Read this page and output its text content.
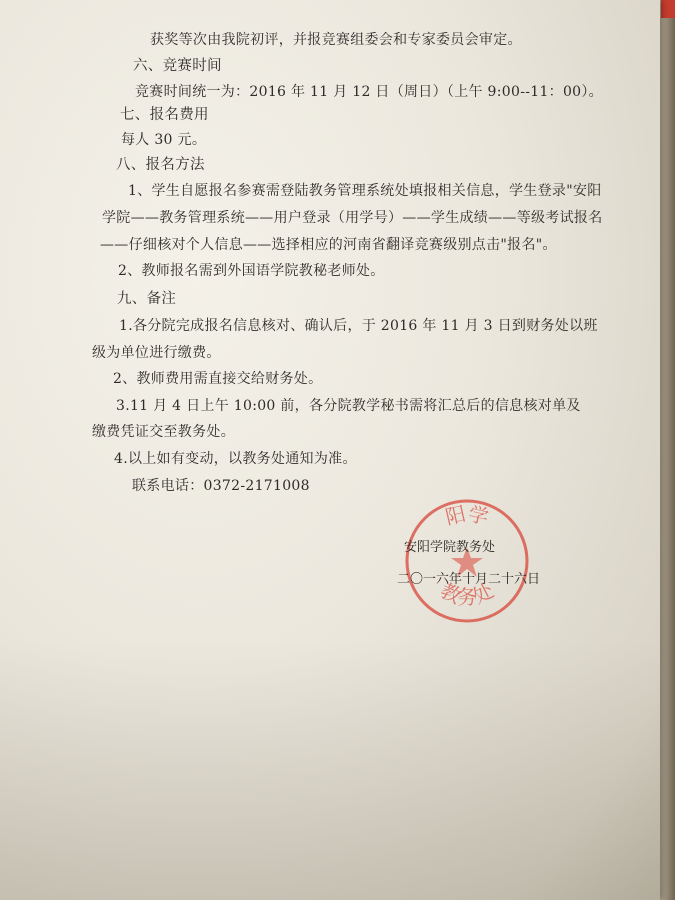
获奖等次由我院初评，并报竞赛组委会和专家委员会审定。
六、竞赛时间
竞赛时间统一为：2016 年 11 月 12 日（周日）（上午 9:00--11：00）。
七、报名费用
每人 30 元。
八、报名方法
1、学生自愿报名参赛需登陆教务管理系统处填报相关信息，学生登录"安阳
学院——教务管理系统——用户登录（用学号）——学生成绩——等级考试报名
——仔细核对个人信息——选择相应的河南省翻译竞赛级别点击"报名"。
2、教师报名需到外国语学院教秘老师处。
九、备注
1.各分院完成报名信息核对、确认后，于 2016 年 11 月 3 日到财务处以班
级为单位进行缴费。
2、教师费用需直接交给财务处。
3.11 月 4 日上午 10:00 前，各分院教学秘书需将汇总后的信息核对单及
缴费凭证交至教务处。
4.以上如有变动，以教务处通知为准。
联系电话：0372-2171008
阳学
教务处
安阳学院教务处
二〇一六年十月二十六日
